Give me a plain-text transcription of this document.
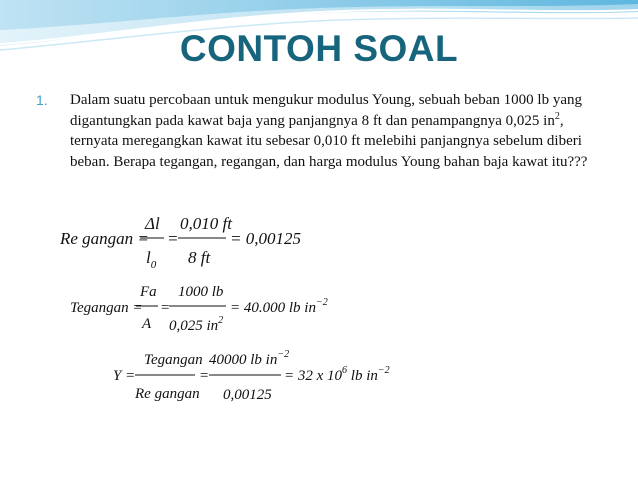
CONTOH SOAL
1. Dalam suatu percobaan untuk mengukur modulus Young, sebuah beban 1000 lb yang digantungkan pada kawat baja yang panjangnya 8 ft dan penampangnya 0,025 $in^2$, ternyata meregangkan kawat itu sebesar 0,010 ft melebihi panjangnya sebelum diberi beban. Berapa tegangan, regangan, dan harga modulus Young bahan baja kawat itu???
Re gangan =
Δl
$l_0$
=
0,010 ft
8 ft
= 0,00125
Tegangan =
Fa
A
=
1000 lb
0,025 $in^2$
= 40.000 lb $in^{-2}$
Y =
Tegangan
Re gangan
=
40000 lb $in^{-2}$
0,00125
= 32 x $10^6$ lb $in^{-2}$
